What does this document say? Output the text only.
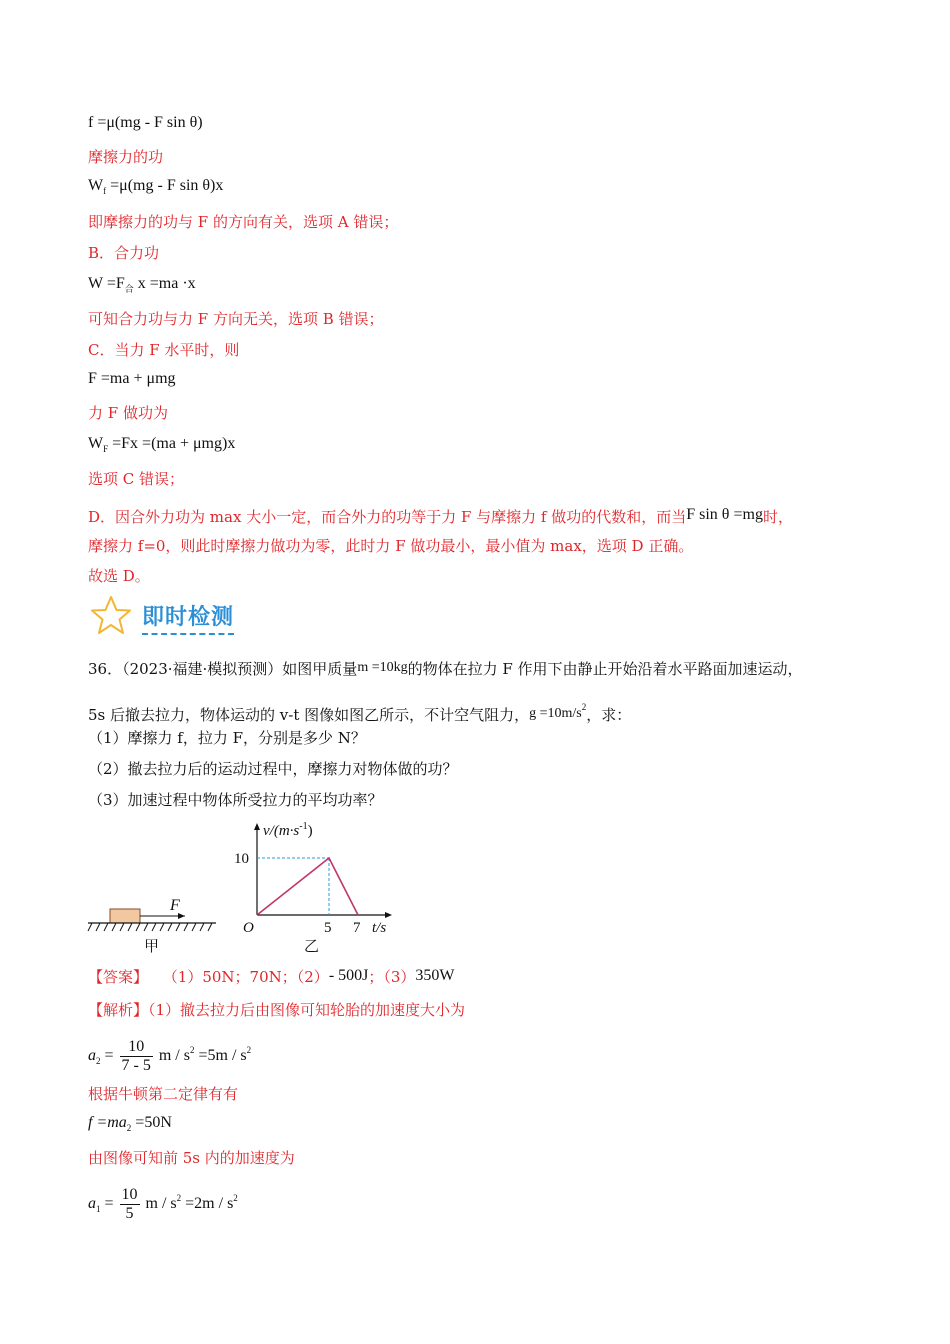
f =μ(mg - F sin θ)
摩擦力的功
$W_f =\mu(mg - F$ sin θ)x
即摩擦力的功与 F 的方向有关，选项 A 错误；
B．合力功
$W =F_合$ x =ma ·x
可知合力功与力 F 方向无关，选项 B 错误；
C．当力 F 水平时，则
F =ma + μmg
力 F 做功为
$W_F =Fx =(ma + \mu mg)x$
选项 C 错误；
D．因合外力功为 max 大小一定，而合外力的功等于力 F 与摩擦力 f 做功的代数和，而当F sin θ =mg时，
摩擦力 f=0，则此时摩擦力做功为零，此时力 F 做功最小，最小值为 max，选项 D 正确。
故选 D。
即时检测
36．（2023·福建·模拟预测）如图甲质量m =10kg的物体在拉力 F 作用下由静止开始沿着水平路面加速运动，
5s 后撤去拉力，物体运动的 v-t 图像如图乙所示，不计空气阻力，$g =10m/s^2$，求：
（1）摩擦力 f，拉力 F，分别是多少 N？
（2）撤去拉力后的运动过程中，摩擦力对物体做的功？
（3）加速过程中物体所受拉力的平均功率？
F
甲
$v/(m\cdot s^{-1})$
10
O	5 7 t/s
乙
【答案】 （1）50N；70N；（2）- 500J；（3）350W
【解析】（1）撤去拉力后由图像可知轮胎的加速度大小为
$a_2 = \frac{10}{7 - 5}$ $m / s^2 =5m / s^2$
根据牛顿第二定律有有
$f =ma_2 =50N$
由图像可知前 5s 内的加速度为
$a_1 = \frac{10}{5}$ $m / s^2 =2m / s^2$
